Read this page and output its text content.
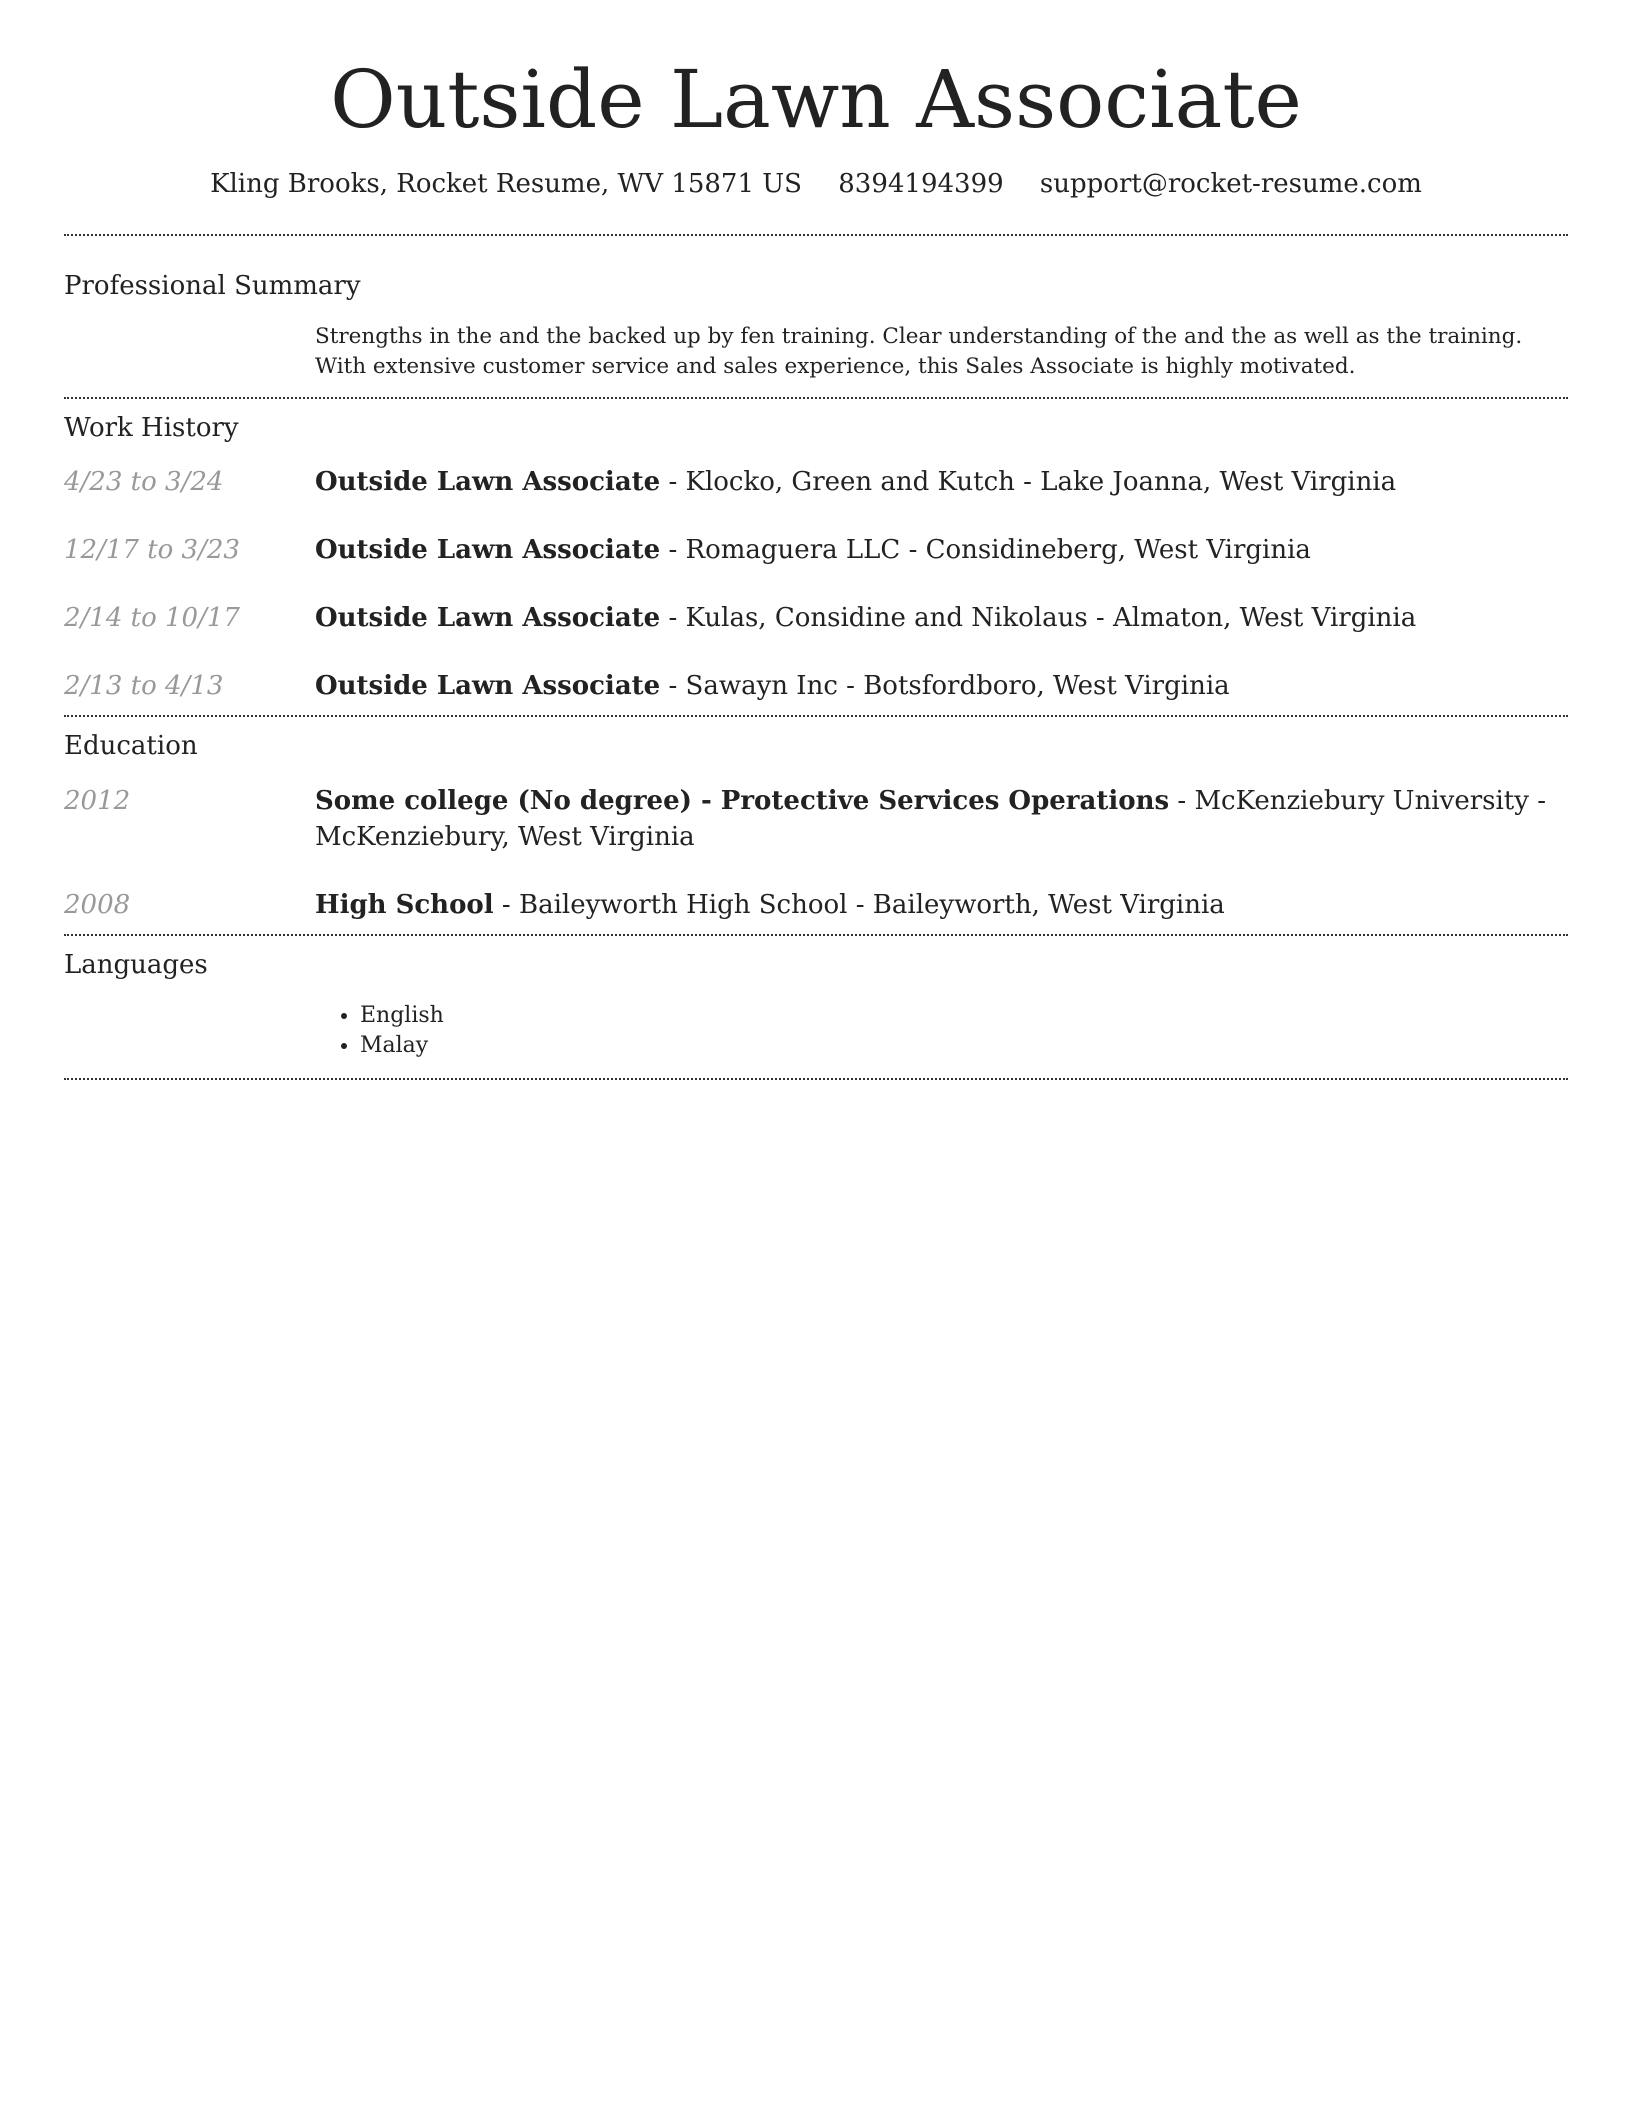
Outside Lawn Associate
Kling Brooks, Rocket Resume, WV 15871 US 8394194399 support@rocket-resume.com
Professional Summary
Strengths in the and the backed up by fen training. Clear understanding of the and the as well as the training. With extensive customer service and sales experience, this Sales Associate is highly motivated.
Work History
4/23 to 3/24	Outside Lawn Associate - Klocko, Green and Kutch - Lake Joanna, West Virginia
12/17 to 3/23	Outside Lawn Associate - Romaguera LLC - Considineberg, West Virginia
2/14 to 10/17	Outside Lawn Associate - Kulas, Considine and Nikolaus - Almaton, West Virginia
2/13 to 4/13	Outside Lawn Associate - Sawayn Inc - Botsfordboro, West Virginia
Education
2012	Some college (No degree) - Protective Services Operations - McKenziebury University - McKenziebury, West Virginia
2008	High School - Baileyworth High School - Baileyworth, West Virginia
Languages
• English
• Malay
